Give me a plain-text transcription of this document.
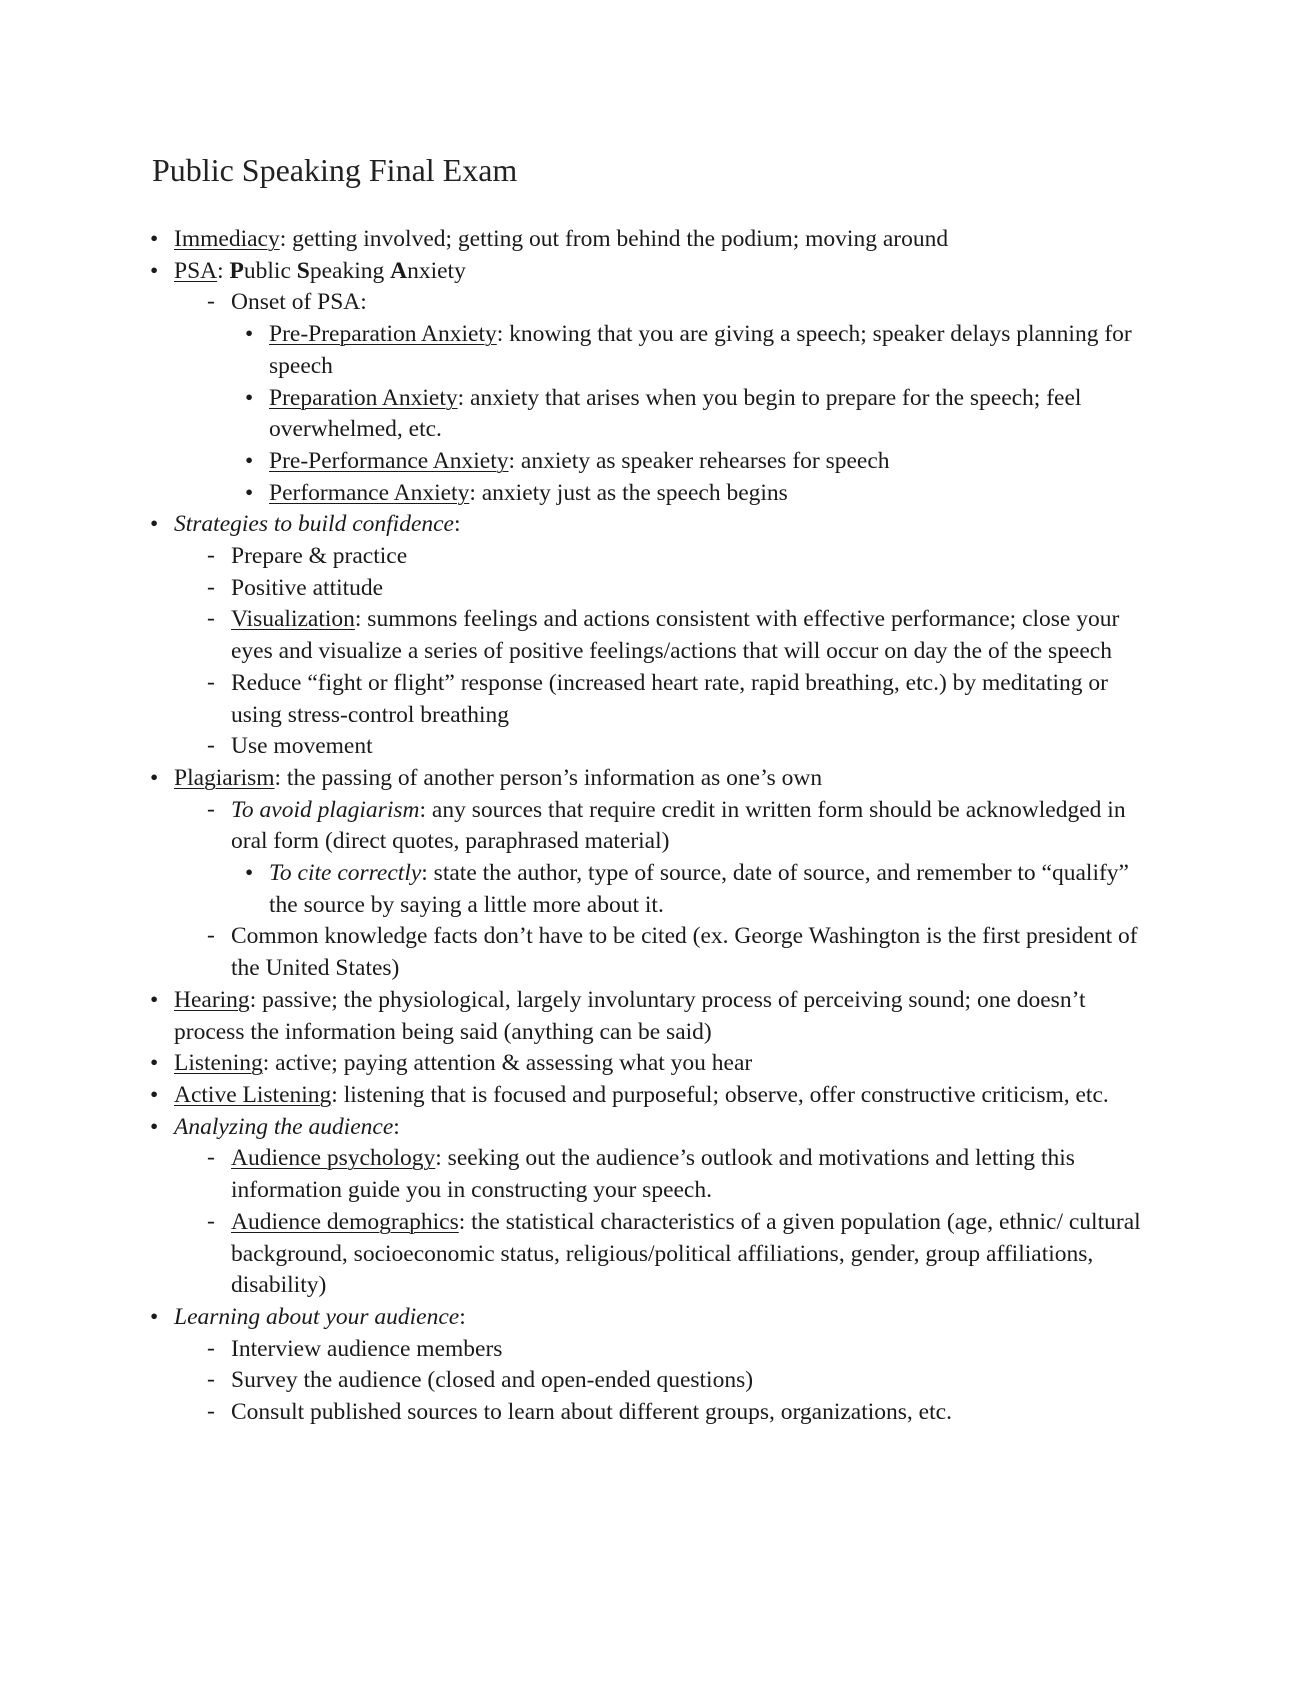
Public Speaking Final Exam
• Immediacy: getting involved; getting out from behind the podium; moving around
• PSA: Public Speaking Anxiety
- Onset of PSA:
• Pre-Preparation Anxiety: knowing that you are giving a speech; speaker delays planning for speech
• Preparation Anxiety: anxiety that arises when you begin to prepare for the speech; feel overwhelmed, etc.
• Pre-Performance Anxiety: anxiety as speaker rehearses for speech
• Performance Anxiety: anxiety just as the speech begins
• Strategies to build confidence:
- Prepare & practice
- Positive attitude
- Visualization: summons feelings and actions consistent with effective performance; close your eyes and visualize a series of positive feelings/actions that will occur on day the of the speech
- Reduce “fight or flight” response (increased heart rate, rapid breathing, etc.) by meditating or using stress-control breathing
- Use movement
• Plagiarism: the passing of another person’s information as one’s own
- To avoid plagiarism: any sources that require credit in written form should be acknowledged in oral form (direct quotes, paraphrased material)
• To cite correctly: state the author, type of source, date of source, and remember to “qualify” the source by saying a little more about it.
- Common knowledge facts don’t have to be cited (ex. George Washington is the first president of the United States)
• Hearing: passive; the physiological, largely involuntary process of perceiving sound; one doesn’t process the information being said (anything can be said)
• Listening: active; paying attention & assessing what you hear
• Active Listening: listening that is focused and purposeful; observe, offer constructive criticism, etc.
• Analyzing the audience:
- Audience psychology: seeking out the audience’s outlook and motivations and letting this information guide you in constructing your speech.
- Audience demographics: the statistical characteristics of a given population (age, ethnic/ cultural background, socioeconomic status, religious/political affiliations, gender, group affiliations, disability)
• Learning about your audience:
- Interview audience members
- Survey the audience (closed and open-ended questions)
- Consult published sources to learn about different groups, organizations, etc.
